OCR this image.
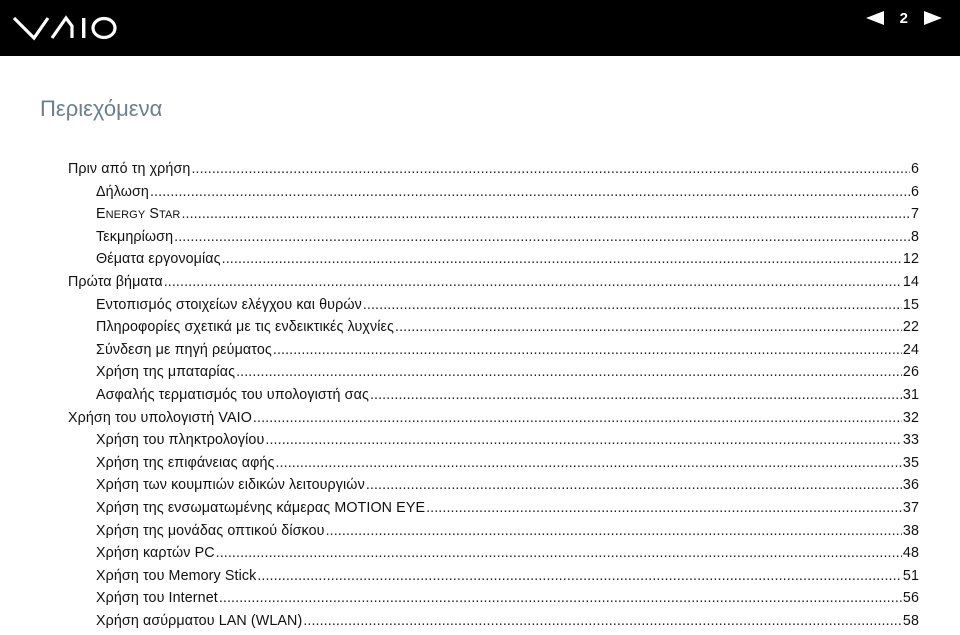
2
Περιεχόμενα
Πριν από τη χρήση .....	6
Δήλωση .....	6
ENERGY STAR .....	7
Τεκμηρίωση .....	8
Θέματα εργονομίας .....	12
Πρώτα βήματα .....	14
Εντοπισμός στοιχείων ελέγχου και θυρών .....	15
Πληροφορίες σχετικά με τις ενδεικτικές λυχνίες .....	22
Σύνδεση με πηγή ρεύματος .....	24
Χρήση της μπαταρίας .....	26
Ασφαλής τερματισμός του υπολογιστή σας .....	31
Χρήση του υπολογιστή VAIO .....	32
Χρήση του πληκτρολογίου .....	33
Χρήση της επιφάνειας αφής .....	35
Χρήση των κουμπιών ειδικών λειτουργιών .....	36
Χρήση της ενσωματωμένης κάμερας MOTION EYE .....	37
Χρήση της μονάδας οπτικού δίσκου .....	38
Χρήση καρτών PC .....	48
Χρήση του Memory Stick .....	51
Χρήση του Internet .....	56
Χρήση ασύρματου LAN (WLAN) .....	58
